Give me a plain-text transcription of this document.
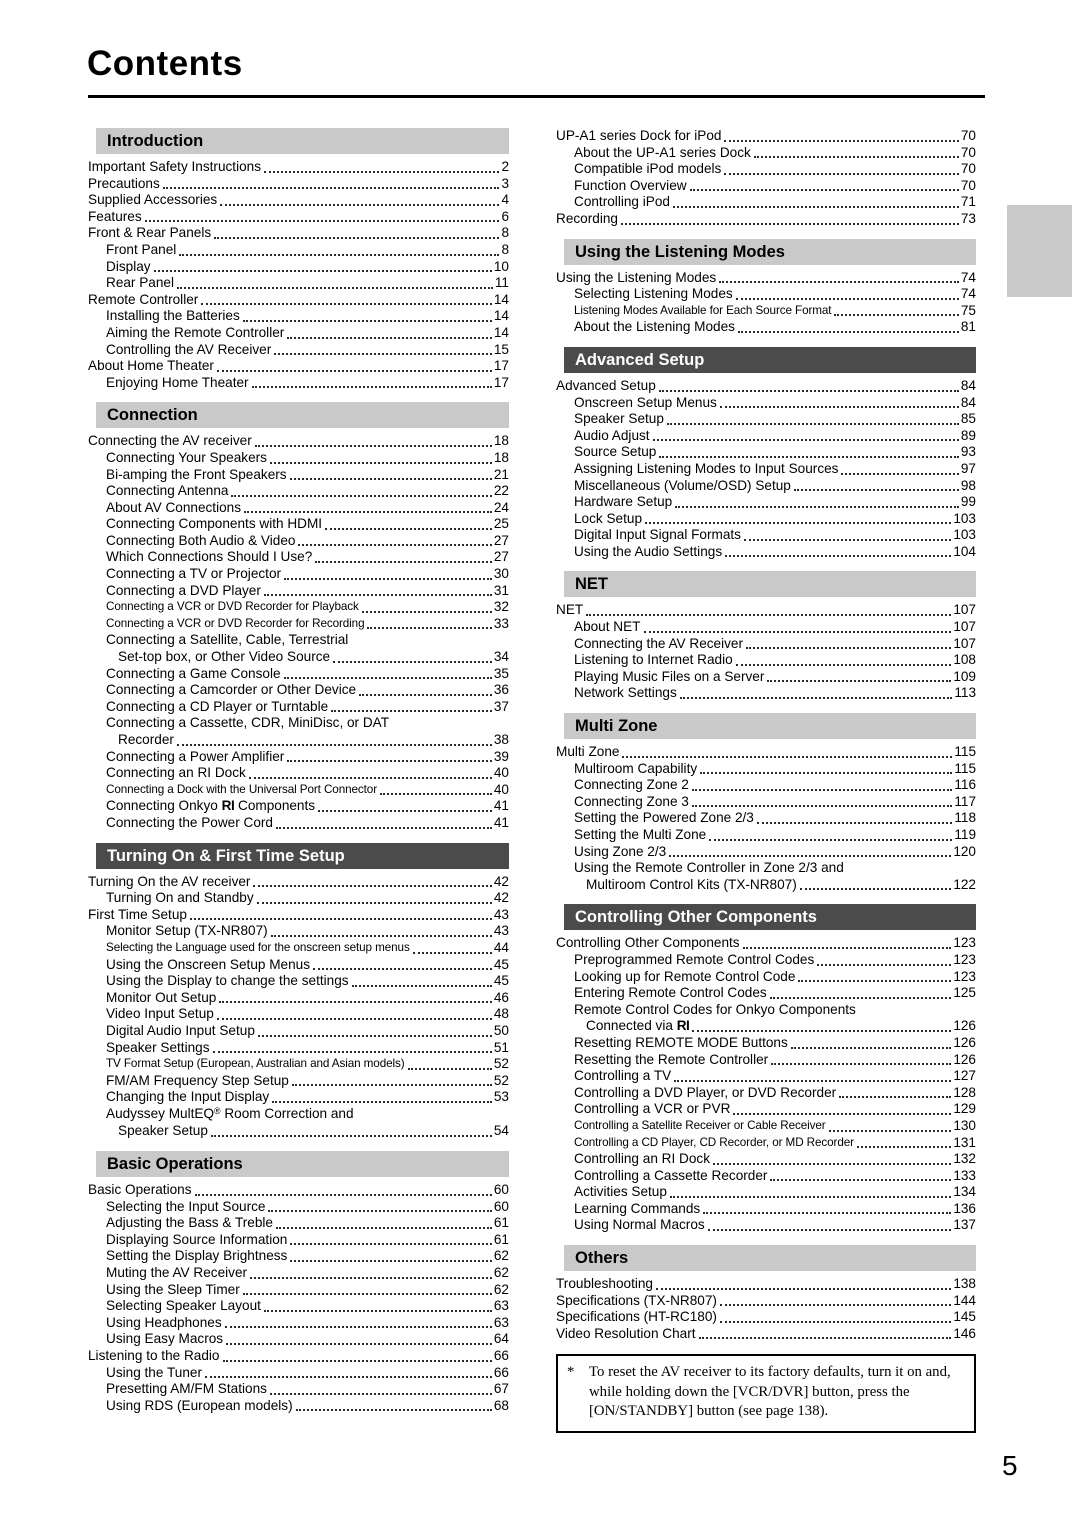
Contents
Introduction
Important Safety Instructions	2
Precautions	3
Supplied Accessories	4
Features	6
Front & Rear Panels	8
Front Panel	8
Display	10
Rear Panel	11
Remote Controller	14
Installing the Batteries	14
Aiming the Remote Controller	14
Controlling the AV Receiver	15
About Home Theater	17
Enjoying Home Theater	17
Connection
Connecting the AV receiver	18
Connecting Your Speakers	18
Bi-amping the Front Speakers	21
Connecting Antenna	22
About AV Connections	24
Connecting Components with HDMI	25
Connecting Both Audio & Video	27
Which Connections Should I Use?	27
Connecting a TV or Projector	30
Connecting a DVD Player	31
Connecting a VCR or DVD Recorder for Playback	32
Connecting a VCR or DVD Recorder for Recording	33
Connecting a Satellite, Cable, Terrestrial
Set-top box, or Other Video Source	34
Connecting a Game Console	35
Connecting a Camcorder or Other Device	36
Connecting a CD Player or Turntable	37
Connecting a Cassette, CDR, MiniDisc, or DAT
Recorder	38
Connecting a Power Amplifier	39
Connecting an RI Dock	40
Connecting a Dock with the Universal Port Connector	40
Connecting Onkyo RI Components	41
Connecting the Power Cord	41
Turning On & First Time Setup
Turning On the AV receiver	42
Turning On and Standby	42
First Time Setup	43
Monitor Setup (TX-NR807)	43
Selecting the Language used for the onscreen setup menus	44
Using the Onscreen Setup Menus	45
Using the Display to change the settings	45
Monitor Out Setup	46
Video Input Setup	48
Digital Audio Input Setup	50
Speaker Settings	51
TV Format Setup (European, Australian and Asian models)	52
FM/AM Frequency Step Setup	52
Changing the Input Display	53
Audyssey MultEQ® Room Correction and
Speaker Setup	54
Basic Operations
Basic Operations	60
Selecting the Input Source	60
Adjusting the Bass & Treble	61
Displaying Source Information	61
Setting the Display Brightness	62
Muting the AV Receiver	62
Using the Sleep Timer	62
Selecting Speaker Layout	63
Using Headphones	63
Using Easy Macros	64
Listening to the Radio	66
Using the Tuner	66
Presetting AM/FM Stations	67
Using RDS (European models)	68
UP-A1 series Dock for iPod	70
About the UP-A1 series Dock	70
Compatible iPod models	70
Function Overview	70
Controlling iPod	71
Recording	73
Using the Listening Modes
Using the Listening Modes	74
Selecting Listening Modes	74
Listening Modes Available for Each Source Format	75
About the Listening Modes	81
Advanced Setup
Advanced Setup	84
Onscreen Setup Menus	84
Speaker Setup	85
Audio Adjust	89
Source Setup	93
Assigning Listening Modes to Input Sources	97
Miscellaneous (Volume/OSD) Setup	98
Hardware Setup	99
Lock Setup	103
Digital Input Signal Formats	103
Using the Audio Settings	104
NET
NET	107
About NET	107
Connecting the AV Receiver	107
Listening to Internet Radio	108
Playing Music Files on a Server	109
Network Settings	113
Multi Zone
Multi Zone	115
Multiroom Capability	115
Connecting Zone 2	116
Connecting Zone 3	117
Setting the Powered Zone 2/3	118
Setting the Multi Zone	119
Using Zone 2/3	120
Using the Remote Controller in Zone 2/3 and
Multiroom Control Kits (TX-NR807)	122
Controlling Other Components
Controlling Other Components	123
Preprogrammed Remote Control Codes	123
Looking up for Remote Control Code	123
Entering Remote Control Codes	125
Remote Control Codes for Onkyo Components
Connected via RI	126
Resetting REMOTE MODE Buttons	126
Resetting the Remote Controller	126
Controlling a TV	127
Controlling a DVD Player, or DVD Recorder	128
Controlling a VCR or PVR	129
Controlling a Satellite Receiver or Cable Receiver	130
Controlling a CD Player, CD Recorder, or MD Recorder	131
Controlling an RI Dock	132
Controlling a Cassette Recorder	133
Activities Setup	134
Learning Commands	136
Using Normal Macros	137
Others
Troubleshooting	138
Specifications (TX-NR807)	144
Specifications (HT-RC180)	145
Video Resolution Chart	146
* To reset the AV receiver to its factory defaults, turn it on and, while holding down the [VCR/DVR] button, press the [ON/STANDBY] button (see page 138).
5
